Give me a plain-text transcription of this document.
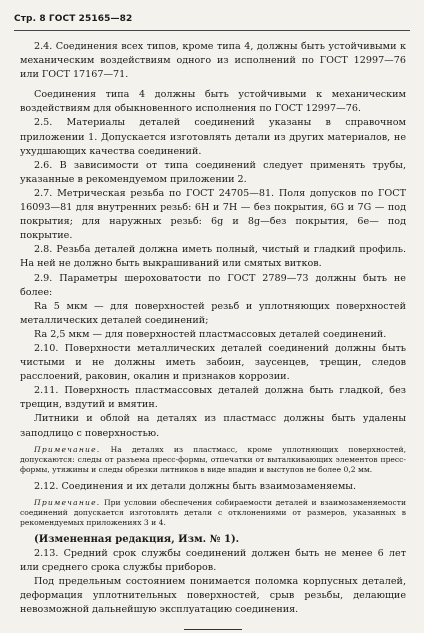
Стр. 8 ГОСТ 25165—82

2.4. Соединения всех типов, кроме типа 4, должны быть устойчивыми к механическим воздействиям одного из исполнений по ГОСТ 12997—76 или ГОСТ 17167—71.

Соединения типа 4 должны быть устойчивыми к механическим воздействиям для обыкновенного исполнения по ГОСТ 12997—76.

2.5. Материалы деталей соединений указаны в справочном приложении 1. Допускается изготовлять детали из других материалов, не ухудшающих качества соединений.

2.6. В зависимости от типа соединений следует применять трубы, указанные в рекомендуемом приложении 2.

2.7. Метрическая резьба по ГОСТ 24705—81. Поля допусков по ГОСТ 16093—81 для внутренних резьб: 6H и 7H — без покрытия, 6G и 7G — под покрытия; для наружных резьб: 6g и 8g—без покрытия, 6e— под покрытие.

2.8. Резьба деталей должна иметь полный, чистый и гладкий профиль. На ней не должно быть выкрашиваний или смятых витков.

2.9. Параметры шероховатости по ГОСТ 2789—73 должны быть не более:

Ra 5 мкм — для поверхностей резьб и уплотняющих поверхностей металлических деталей соединений;

Ra 2,5 мкм — для поверхностей пластмассовых деталей соединений.

2.10. Поверхности металлических деталей соединений должны быть чистыми и не должны иметь забоин, заусенцев, трещин, следов расслоений, раковин, окалин и признаков коррозии.

2.11. Поверхность пластмассовых деталей должна быть гладкой, без трещин, вздутий и вмятин.

Литники и облой на деталях из пластмасс должны быть удалены заподлицо с поверхностью.

Примечание. На деталях из пластмасс, кроме уплотняющих поверхностей, допускаются: следы от разъема пресс-формы, отпечатки от выталкивающих элементов пресс-формы, утяжины и следы обрезки литников в виде впадин и выступов не более 0,2 мм.

2.12. Соединения и их детали должны быть взаимозаменяемы.

Примечание. При условии обеспечения собираемости деталей и взаимозаменяемости соединений допускается изготовлять детали с отклонениями от размеров, указанных в рекомендуемых приложениях 3 и 4.

(Измененная редакция, Изм. № 1).

2.13. Средний срок службы соединений должен быть не менее 6 лет или среднего срока службы приборов.

Под предельным состоянием понимается поломка корпусных деталей, деформация уплотнительных поверхностей, срыв резьбы, делающие невозможной дальнейшую эксплуатацию соединения.
